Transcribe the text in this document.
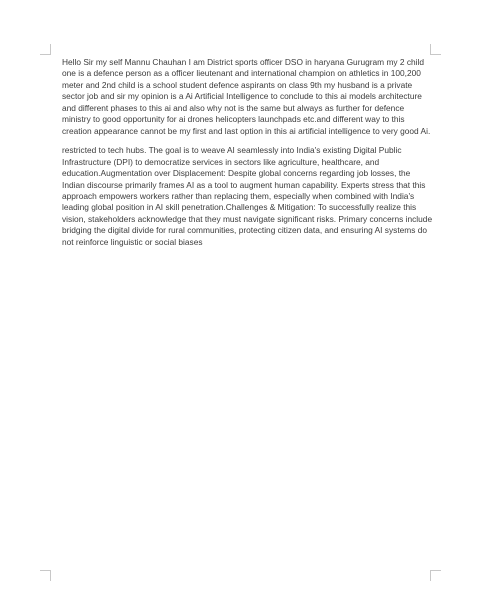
Hello Sir my self Mannu Chauhan I am District sports officer DSO in haryana Gurugram my 2 child one is a defence person as a officer lieutenant and international champion on athletics in 100,200 meter and 2nd child is a school student defence aspirants on class 9th my husband is a private sector job and sir my opinion is a Ai Artificial Intelligence to conclude to this ai models architecture and different phases to this ai and also why not is the same but always as further for defence ministry to good opportunity for ai drones helicopters launchpads etc.and different way to this creation appearance cannot be my first and last option in this ai artificial intelligence to very good Ai.

restricted to tech hubs. The goal is to weave AI seamlessly into India's existing Digital Public Infrastructure (DPI) to democratize services in sectors like agriculture, healthcare, and education.Augmentation over Displacement: Despite global concerns regarding job losses, the Indian discourse primarily frames AI as a tool to augment human capability. Experts stress that this approach empowers workers rather than replacing them, especially when combined with India's leading global position in AI skill penetration.Challenges & Mitigation: To successfully realize this vision, stakeholders acknowledge that they must navigate significant risks. Primary concerns include bridging the digital divide for rural communities, protecting citizen data, and ensuring AI systems do not reinforce linguistic or social biases
